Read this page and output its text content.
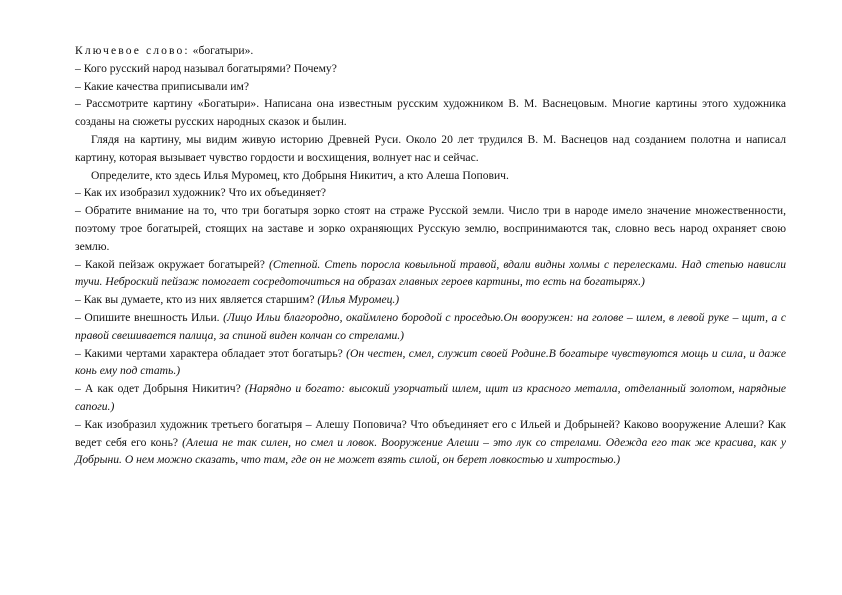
Ключевое слово: «богатыри».

– Кого русский народ называл богатырями? Почему?

– Какие качества приписывали им?

– Рассмотрите картину «Богатыри». Написана она известным русским художником В. М. Васнецовым. Многие картины этого художника созданы на сюжеты русских народных сказок и былин.

Глядя на картину, мы видим живую историю Древней Руси. Около 20 лет трудился В. М. Васнецов над созданием полотна и написал картину, которая вызывает чувство гордости и восхищения, волнует нас и сейчас.

Определите, кто здесь Илья Муромец, кто Добрыня Никитич, а кто Алеша Попович.

– Как их изобразил художник? Что их объединяет?

– Обратите внимание на то, что три богатыря зорко стоят на страже Русской земли. Число три в народе имело значение множественности, поэтому трое богатырей, стоящих на заставе и зорко охраняющих Русскую землю, воспринимаются так, словно весь народ охраняет свою землю.

– Какой пейзаж окружает богатырей? (Степной. Степь поросла ковыльной травой, вдали видны холмы с перелесками. Над степью нависли тучи. Неброский пейзаж помогает сосредоточиться на образах главных героев картины, то есть на богатырях.)

– Как вы думаете, кто из них является старшим? (Илья Муромец.)

– Опишите внешность Ильи. (Лицо Ильи благородно, окаймлено бородой с проседью.Он вооружен: на голове – шлем, в левой руке – щит, а с правой свешивается палица, за спиной виден колчан со стрелами.)

– Какими чертами характера обладает этот богатырь? (Он честен, смел, служит своей Родине.В богатыре чувствуются мощь и сила, и даже конь ему под стать.)

– А как одет Добрыня Никитич? (Нарядно и богато: высокий узорчатый шлем, щит из красного металла, отделанный золотом, нарядные сапоги.)

– Как изобразил художник третьего богатыря – Алешу Поповича? Что объединяет его с Ильей и Добрыней? Каково вооружение Алеши? Как ведет себя его конь? (Алеша не так силен, но смел и ловок. Вооружение Алеши – это лук со стрелами. Одежда его так же красива, как у Добрыни. О нем можно сказать, что там, где он не может взять силой, он берет ловкостью и хитростью.)
